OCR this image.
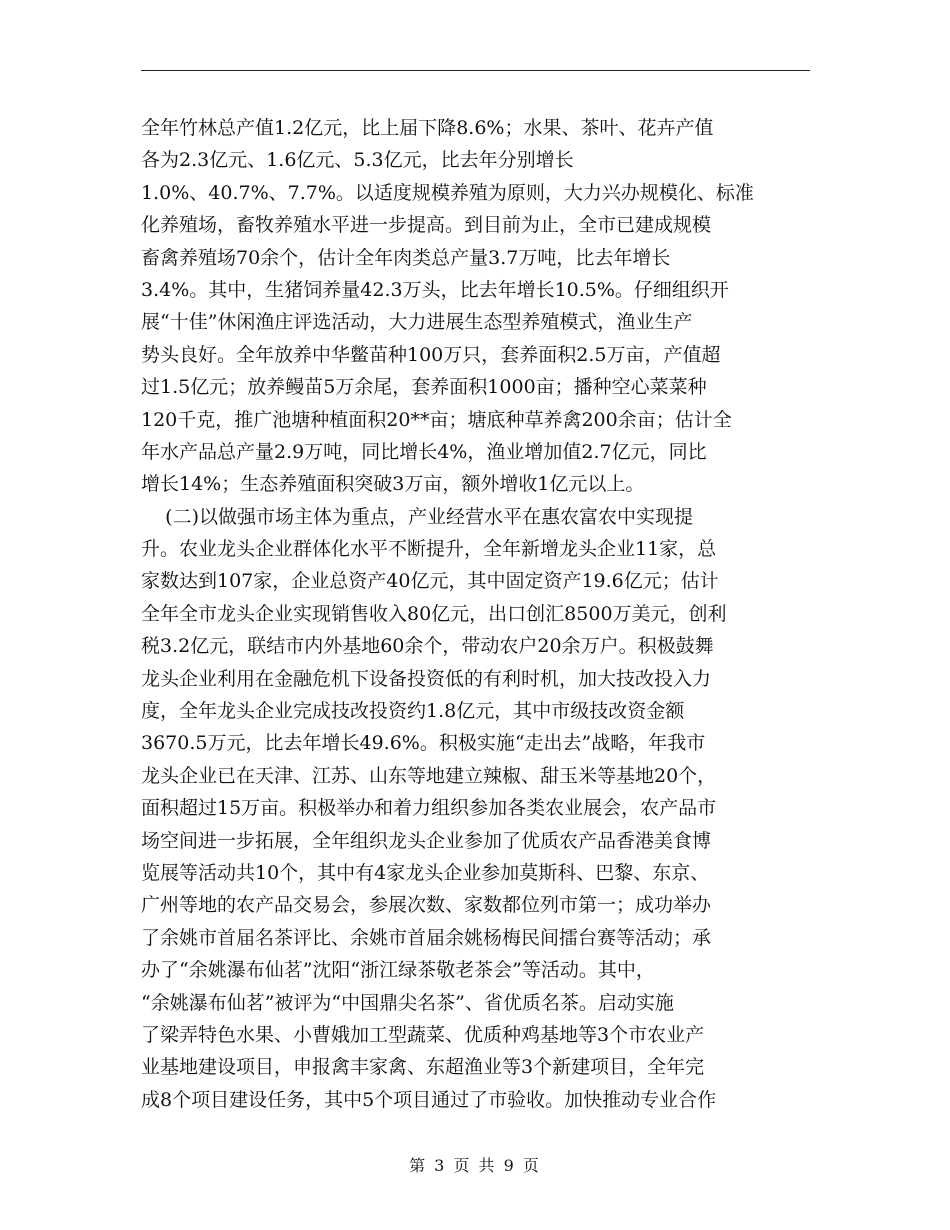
全年竹林总产值1.2亿元，比上届下降8.6%；水果、茶叶、花卉产值
各为2.3亿元、1.6亿元、5.3亿元，比去年分别增长
1.0%、40.7%、7.7%。以适度规模养殖为原则，大力兴办规模化、标准
化养殖场，畜牧养殖水平进一步提高。到目前为止，全市已建成规模
畜禽养殖场70余个，估计全年肉类总产量3.7万吨，比去年增长
3.4%。其中，生猪饲养量42.3万头，比去年增长10.5%。仔细组织开
展“十佳”休闲渔庄评选活动，大力进展生态型养殖模式，渔业生产
势头良好。全年放养中华鳖苗种100万只，套养面积2.5万亩，产值超
过1.5亿元；放养鳗苗5万余尾，套养面积1000亩；播种空心菜菜种
120千克，推广池塘种植面积20**亩；塘底种草养禽200余亩；估计全
年水产品总产量2.9万吨，同比增长4%，渔业增加值2.7亿元，同比
增长14%；生态养殖面积突破3万亩，额外增收1亿元以上。
(二)以做强市场主体为重点，产业经营水平在惠农富农中实现提
升。农业龙头企业群体化水平不断提升，全年新增龙头企业11家，总
家数达到107家，企业总资产40亿元，其中固定资产19.6亿元；估计
全年全市龙头企业实现销售收入80亿元，出口创汇8500万美元，创利
税3.2亿元，联结市内外基地60余个，带动农户20余万户。积极鼓舞
龙头企业利用在金融危机下设备投资低的有利时机，加大技改投入力
度，全年龙头企业完成技改投资约1.8亿元，其中市级技改资金额
3670.5万元，比去年增长49.6%。积极实施“走出去”战略，年我市
龙头企业已在天津、江苏、山东等地建立辣椒、甜玉米等基地20个，
面积超过15万亩。积极举办和着力组织参加各类农业展会，农产品市
场空间进一步拓展，全年组织龙头企业参加了优质农产品香港美食博
览展等活动共10个，其中有4家龙头企业参加莫斯科、巴黎、东京、
广州等地的农产品交易会，参展次数、家数都位列市第一；成功举办
了余姚市首届名茶评比、余姚市首届余姚杨梅民间擂台赛等活动；承
办了“余姚瀑布仙茗”沈阳“浙江绿茶敬老茶会”等活动。其中，
“余姚瀑布仙茗”被评为“中国鼎尖名茶”、省优质名茶。启动实施
了梁弄特色水果、小曹娥加工型蔬菜、优质种鸡基地等3个市农业产
业基地建设项目，申报禽丰家禽、东超渔业等3个新建项目，全年完
成8个项目建设任务，其中5个项目通过了市验收。加快推动专业合作
第 3 页 共 9 页
